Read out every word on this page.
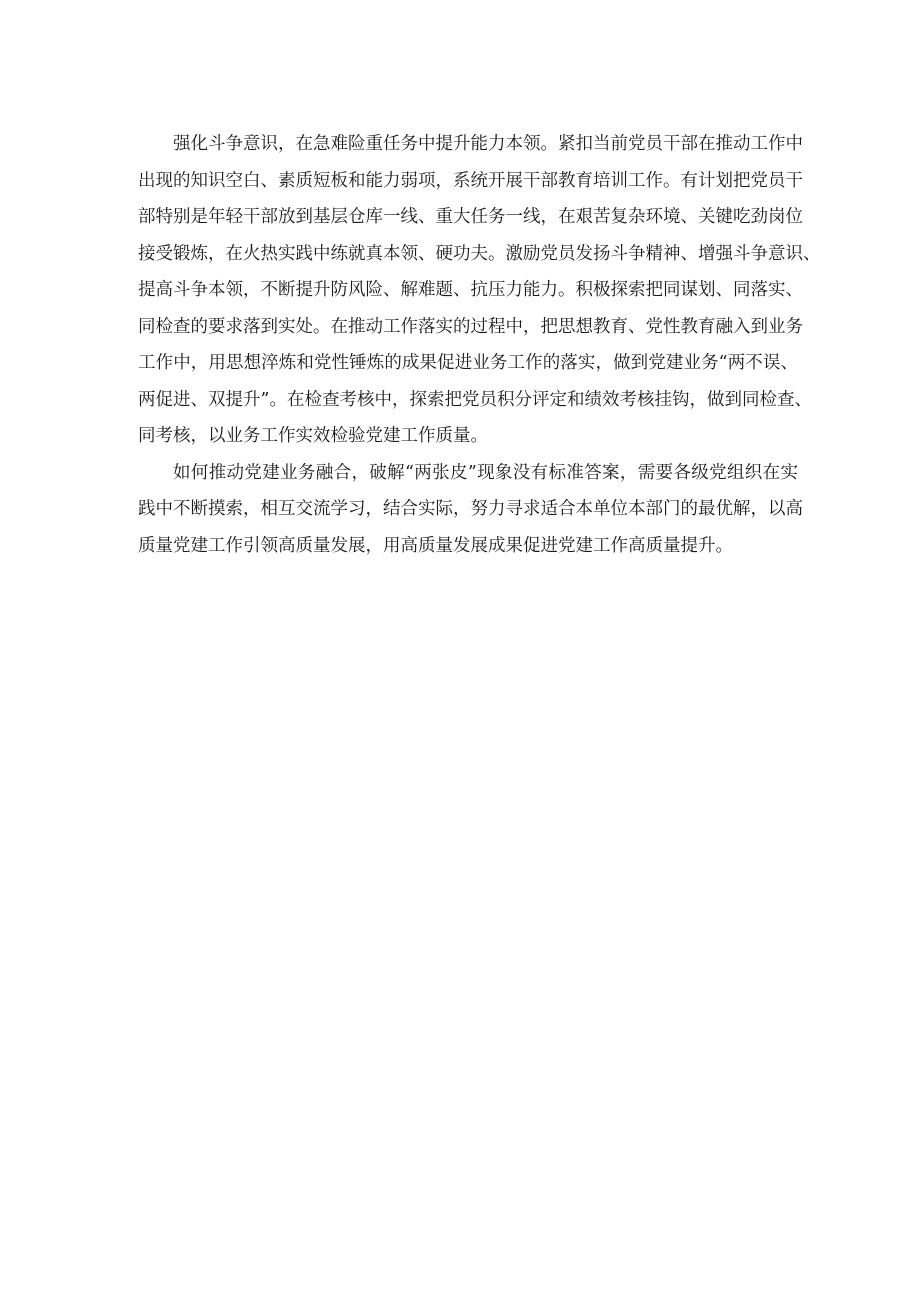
强化斗争意识，在急难险重任务中提升能力本领。紧扣当前党员干部在推动工作中
出现的知识空白、素质短板和能力弱项，系统开展干部教育培训工作。有计划把党员干
部特别是年轻干部放到基层仓库一线、重大任务一线，在艰苦复杂环境、关键吃劲岗位
接受锻炼，在火热实践中练就真本领、硬功夫。激励党员发扬斗争精神、增强斗争意识、
提高斗争本领，不断提升防风险、解难题、抗压力能力。积极探索把同谋划、同落实、
同检查的要求落到实处。在推动工作落实的过程中，把思想教育、党性教育融入到业务
工作中，用思想淬炼和党性锤炼的成果促进业务工作的落实，做到党建业务“两不误、
两促进、双提升”。在检查考核中，探索把党员积分评定和绩效考核挂钩，做到同检查、
同考核，以业务工作实效检验党建工作质量。
如何推动党建业务融合，破解“两张皮”现象没有标准答案，需要各级党组织在实
践中不断摸索，相互交流学习，结合实际，努力寻求适合本单位本部门的最优解，以高
质量党建工作引领高质量发展，用高质量发展成果促进党建工作高质量提升。
